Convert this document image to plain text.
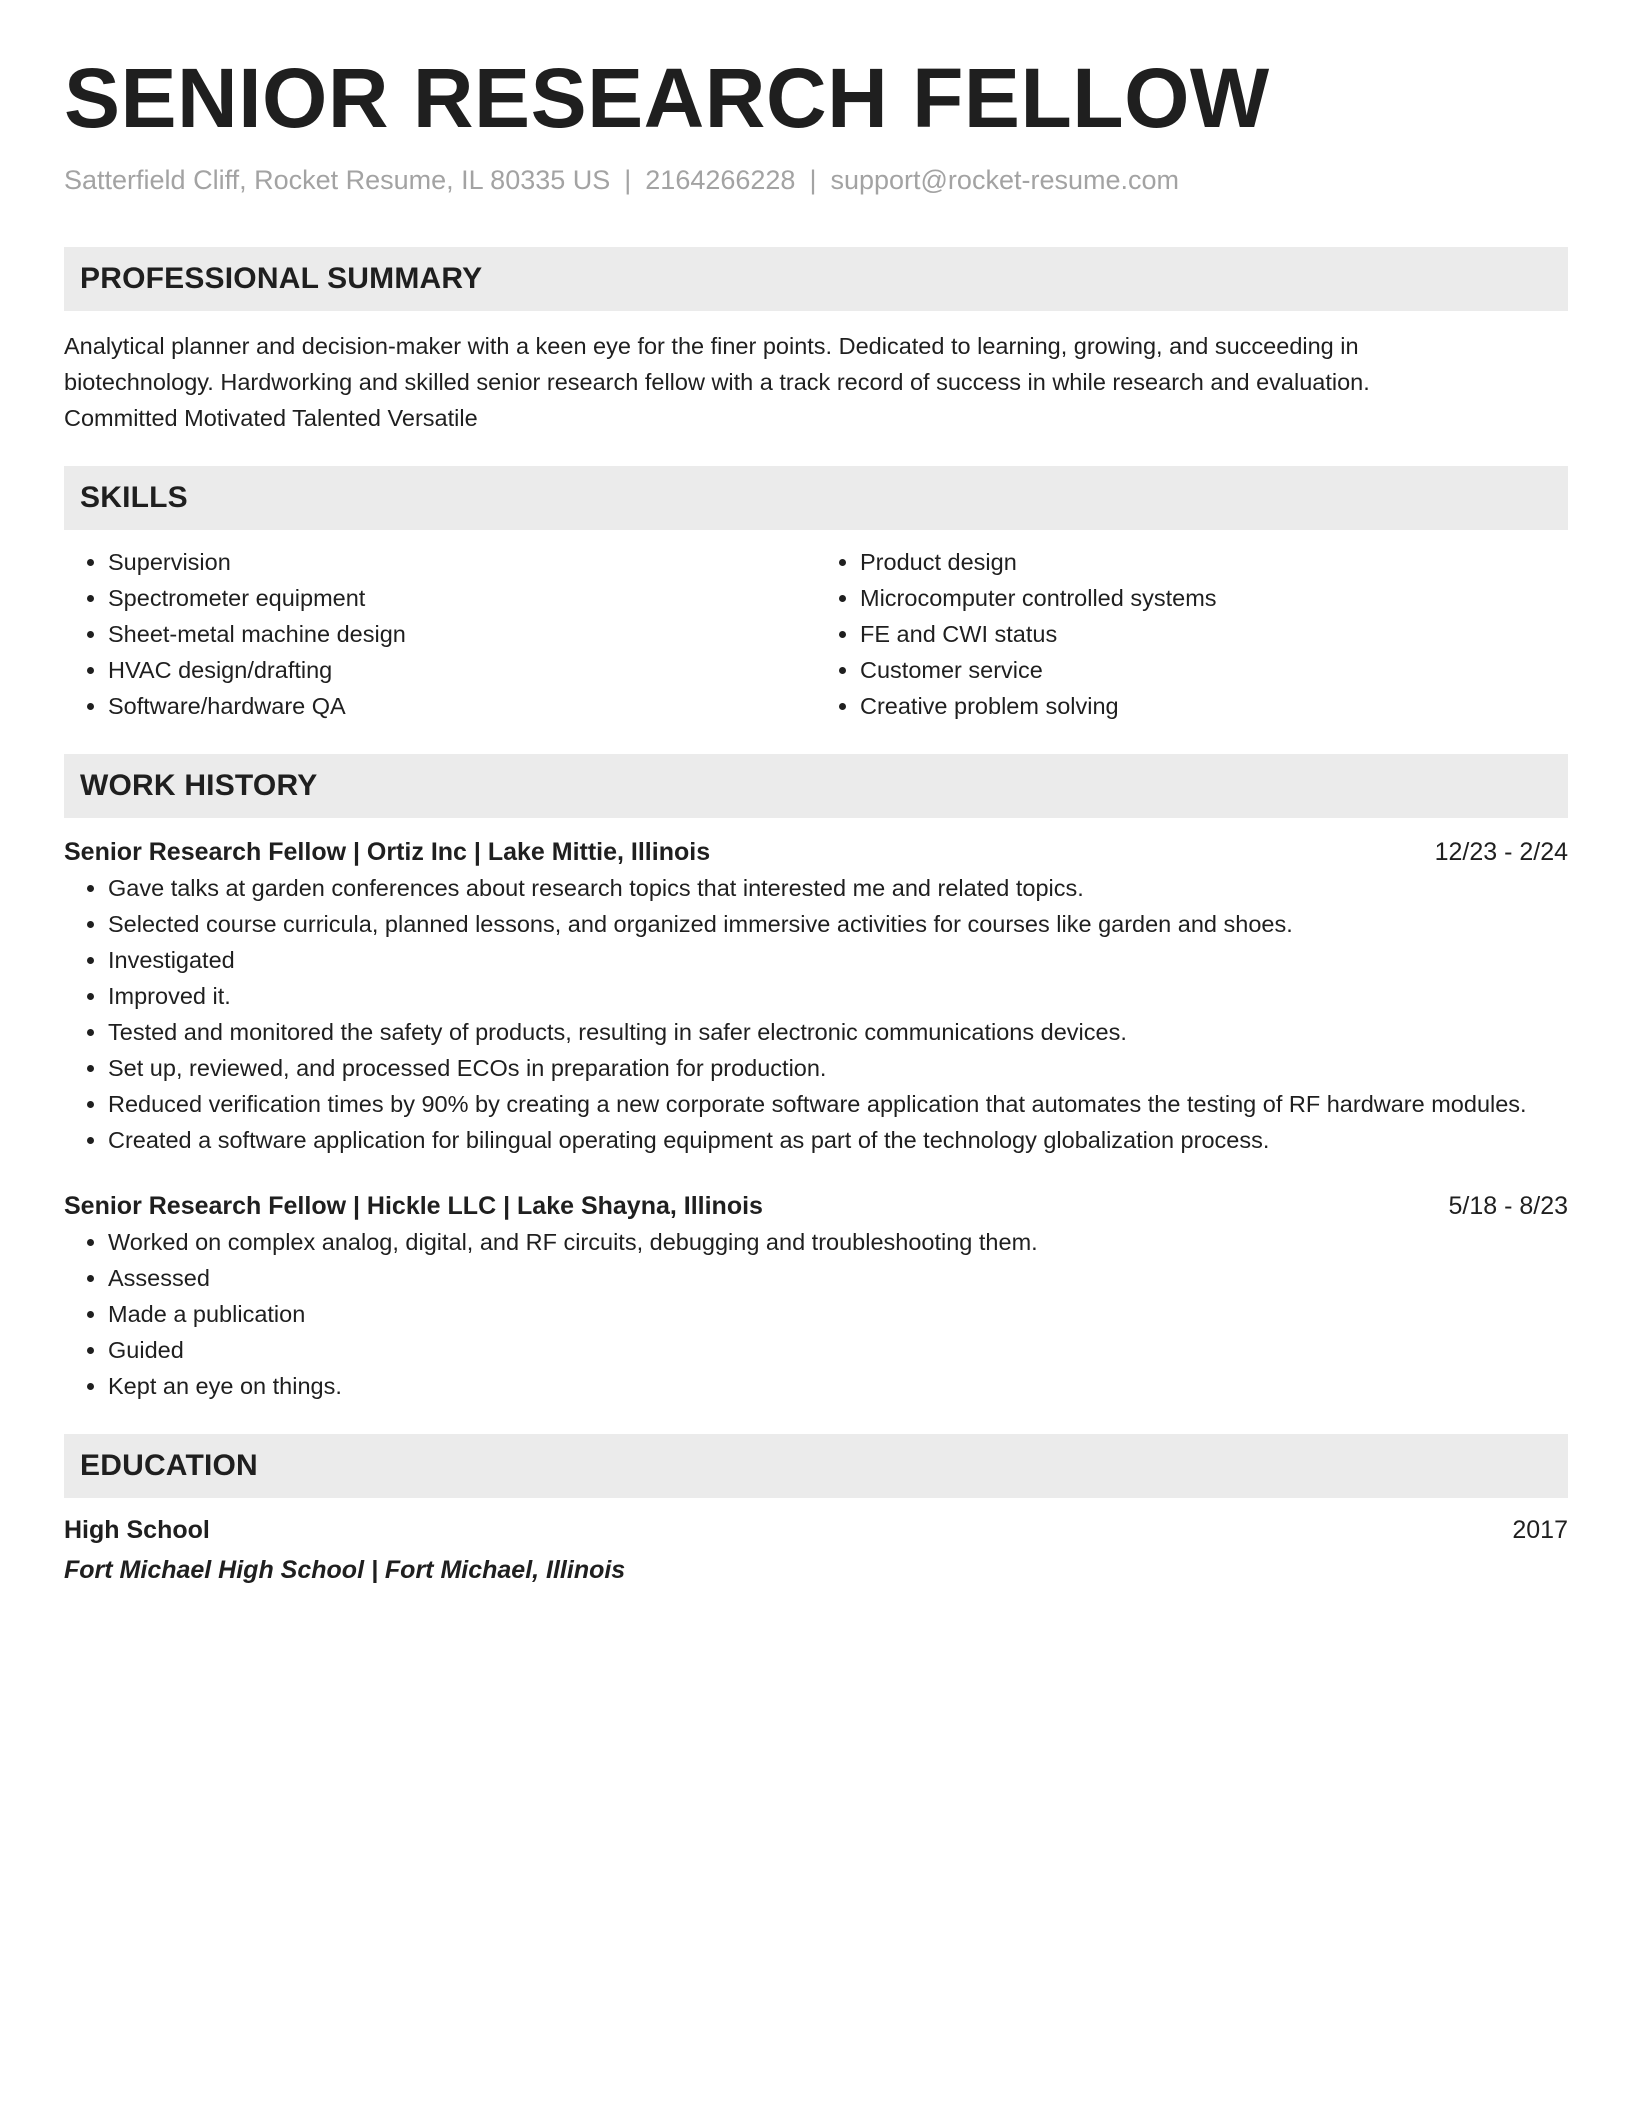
SENIOR RESEARCH FELLOW
Satterfield Cliff, Rocket Resume, IL 80335 US | 2164266228 | support@rocket-resume.com
PROFESSIONAL SUMMARY
Analytical planner and decision-maker with a keen eye for the finer points. Dedicated to learning, growing, and succeeding in
biotechnology. Hardworking and skilled senior research fellow with a track record of success in while research and evaluation.
Committed Motivated Talented Versatile
SKILLS
• Supervision
• Spectrometer equipment
• Sheet-metal machine design
• HVAC design/drafting
• Software/hardware QA
• Product design
• Microcomputer controlled systems
• FE and CWI status
• Customer service
• Creative problem solving
WORK HISTORY
Senior Research Fellow | Ortiz Inc | Lake Mittie, Illinois	12/23 - 2/24
• Gave talks at garden conferences about research topics that interested me and related topics.
• Selected course curricula, planned lessons, and organized immersive activities for courses like garden and shoes.
• Investigated
• Improved it.
• Tested and monitored the safety of products, resulting in safer electronic communications devices.
• Set up, reviewed, and processed ECOs in preparation for production.
• Reduced verification times by 90% by creating a new corporate software application that automates the testing of RF hardware modules.
• Created a software application for bilingual operating equipment as part of the technology globalization process.
Senior Research Fellow | Hickle LLC | Lake Shayna, Illinois	5/18 - 8/23
• Worked on complex analog, digital, and RF circuits, debugging and troubleshooting them.
• Assessed
• Made a publication
• Guided
• Kept an eye on things.
EDUCATION
High School	2017
Fort Michael High School | Fort Michael, Illinois
